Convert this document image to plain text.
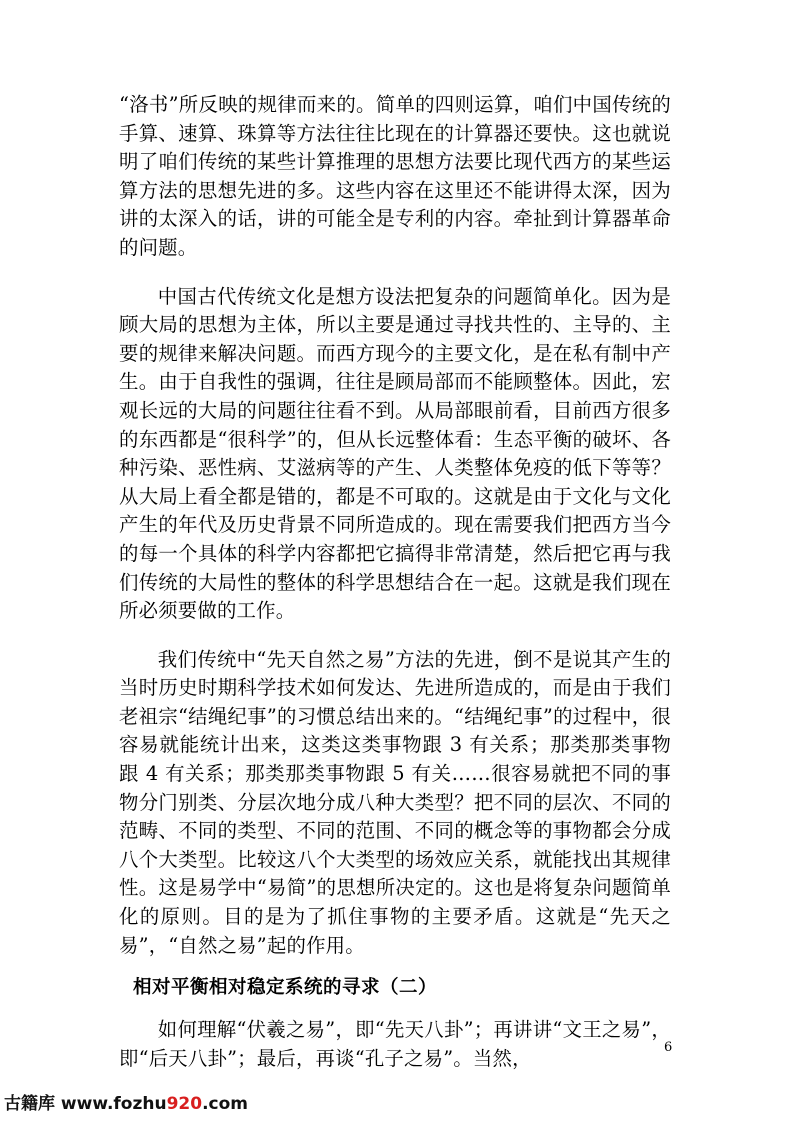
“洛书”所反映的规律而来的。简单的四则运算，咱们中国传统的手算、速算、珠算等方法往往比现在的计算器还要快。这也就说明了咱们传统的某些计算推理的思想方法要比现代西方的某些运算方法的思想先进的多。这些内容在这里还不能讲得太深，因为讲的太深入的话，讲的可能全是专利的内容。牵扯到计算器革命的问题。

中国古代传统文化是想方设法把复杂的问题简单化。因为是顾大局的思想为主体，所以主要是通过寻找共性的、主导的、主要的规律来解决问题。而西方现今的主要文化，是在私有制中产生。由于自我性的强调，往往是顾局部而不能顾整体。因此，宏观长远的大局的问题往往看不到。从局部眼前看，目前西方很多的东西都是“很科学”的，但从长远整体看：生态平衡的破坏、各种污染、恶性病、艾滋病等的产生、人类整体免疫的低下等等？从大局上看全都是错的，都是不可取的。这就是由于文化与文化产生的年代及历史背景不同所造成的。现在需要我们把西方当今的每一个具体的科学内容都把它搞得非常清楚，然后把它再与我们传统的大局性的整体的科学思想结合在一起。这就是我们现在所必须要做的工作。

我们传统中“先天自然之易”方法的先进，倒不是说其产生的当时历史时期科学技术如何发达、先进所造成的，而是由于我们老祖宗“结绳纪事”的习惯总结出来的。“结绳纪事”的过程中，很容易就能统计出来，这类这类事物跟 3 有关系；那类那类事物跟 4 有关系；那类那类事物跟 5 有关……很容易就把不同的事物分门别类、分层次地分成八种大类型？把不同的层次、不同的范畴、不同的类型、不同的范围、不同的概念等的事物都会分成八个大类型。比较这八个大类型的场效应关系，就能找出其规律性。这是易学中“易简”的思想所决定的。这也是将复杂问题简单化的原则。目的是为了抓住事物的主要矛盾。这就是“先天之易”，“自然之易”起的作用。

相对平衡相对稳定系统的寻求（二）

如何理解“伏羲之易”，即“先天八卦”；再讲讲“文王之易”，即“后天八卦”；最后，再谈“孔子之易”。当然，	6
古籍库 www.fozhu920.com
